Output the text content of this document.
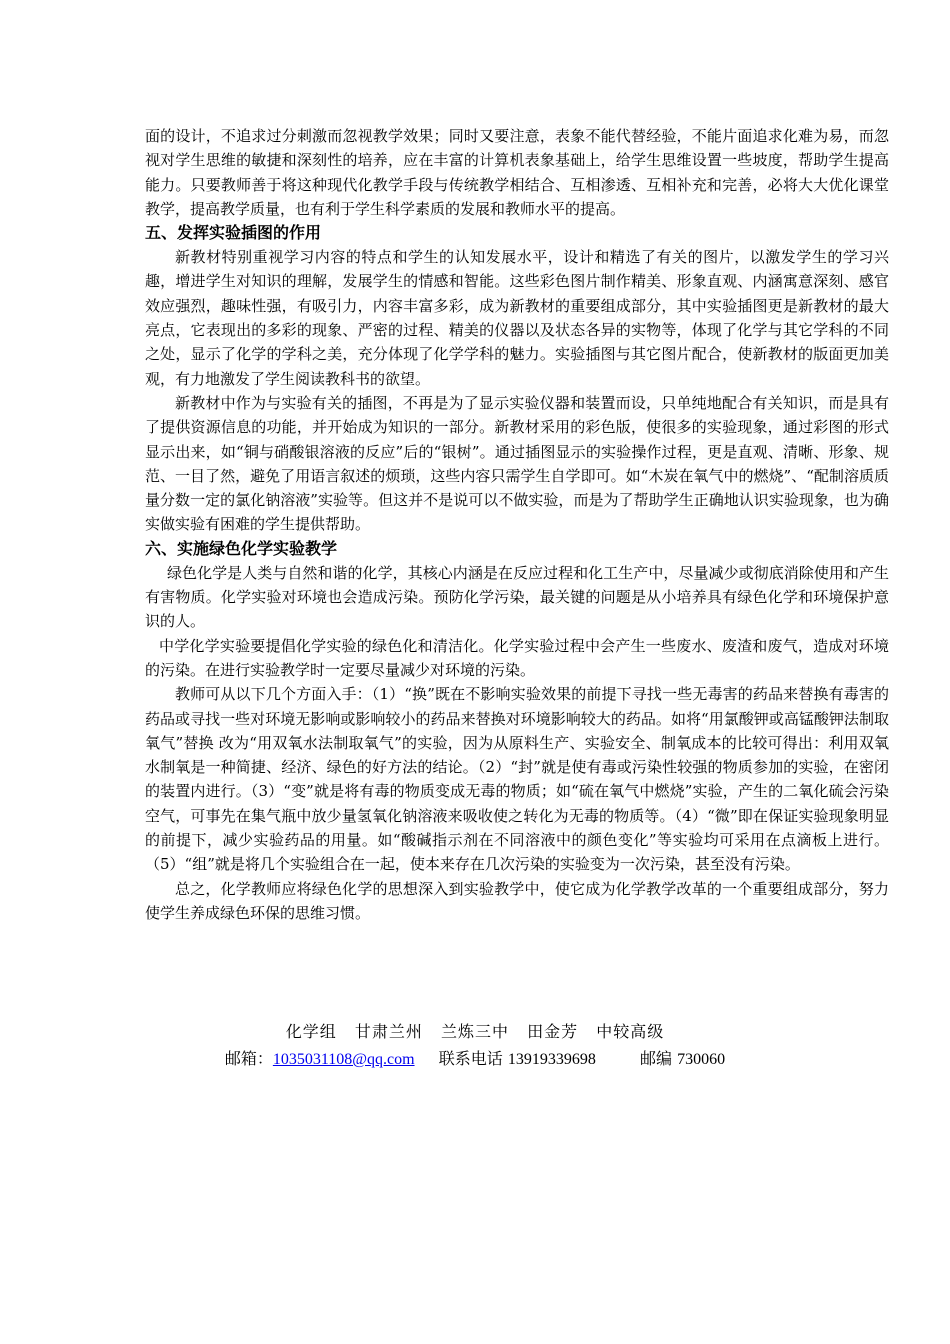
面的设计，不追求过分刺激而忽视教学效果；同时又要注意，表象不能代替经验，不能片面追求化难为易，而忽视对学生思维的敏捷和深刻性的培养，应在丰富的计算机表象基础上，给学生思维设置一些坡度，帮助学生提高能力。只要教师善于将这种现代化教学手段与传统教学相结合、互相渗透、互相补充和完善，必将大大优化课堂教学，提高教学质量，也有利于学生科学素质的发展和教师水平的提高。

五、发挥实验插图的作用

新教材特别重视学习内容的特点和学生的认知发展水平，设计和精选了有关的图片，以激发学生的学习兴趣，增进学生对知识的理解，发展学生的情感和智能。这些彩色图片制作精美、形象直观、内涵寓意深刻、感官效应强烈，趣味性强，有吸引力，内容丰富多彩，成为新教材的重要组成部分，其中实验插图更是新教材的最大亮点，它表现出的多彩的现象、严密的过程、精美的仪器以及状态各异的实物等，体现了化学与其它学科的不同之处，显示了化学的学科之美，充分体现了化学学科的魅力。实验插图与其它图片配合，使新教材的版面更加美观，有力地激发了学生阅读教科书的欲望。

新教材中作为与实验有关的插图，不再是为了显示实验仪器和装置而设，只单纯地配合有关知识，而是具有了提供资源信息的功能，并开始成为知识的一部分。新教材采用的彩色版，使很多的实验现象，通过彩图的形式显示出来，如“铜与硝酸银溶液的反应”后的“银树”。通过插图显示的实验操作过程，更是直观、清晰、形象、规范、一目了然，避免了用语言叙述的烦琐，这些内容只需学生自学即可。如“木炭在氧气中的燃烧”、“配制溶质质量分数一定的氯化钠溶液”实验等。但这并不是说可以不做实验，而是为了帮助学生正确地认识实验现象，也为确实做实验有困难的学生提供帮助。

六、实施绿色化学实验教学

绿色化学是人类与自然和谐的化学，其核心内涵是在反应过程和化工生产中，尽量减少或彻底消除使用和产生有害物质。化学实验对环境也会造成污染。预防化学污染，最关键的问题是从小培养具有绿色化学和环境保护意识的人。

中学化学实验要提倡化学实验的绿色化和清洁化。化学实验过程中会产生一些废水、废渣和废气，造成对环境的污染。在进行实验教学时一定要尽量减少对环境的污染。

教师可从以下几个方面入手：（1）“换”既在不影响实验效果的前提下寻找一些无毒害的药品来替换有毒害的药品或寻找一些对环境无影响或影响较小的药品来替换对环境影响较大的药品。如将“用氯酸钾或高锰酸钾法制取氧气”替换 改为“用双氧水法制取氧气”的实验，因为从原料生产、实验安全、制氧成本的比较可得出：利用双氧水制氧是一种简捷、经济、绿色的好方法的结论。（2）“封”就是使有毒或污染性较强的物质参加的实验，在密闭的装置内进行。（3）“变”就是将有毒的物质变成无毒的物质；如“硫在氧气中燃烧”实验，产生的二氧化硫会污染空气，可事先在集气瓶中放少量氢氧化钠溶液来吸收使之转化为无毒的物质等。（4）“微”即在保证实验现象明显的前提下，减少实验药品的用量。如“酸碱指示剂在不同溶液中的颜色变化”等实验均可采用在点滴板上进行。（5）“组”就是将几个实验组合在一起，使本来存在几次污染的实验变为一次污染，甚至没有污染。

总之，化学教师应将绿色化学的思想深入到实验教学中，使它成为化学教学改革的一个重要组成部分，努力使学生养成绿色环保的思维习惯。

化学组 甘肃兰州 兰炼三中 田金芳 中较高级
邮箱：1035031108@qq.com 联系电话 13919339698	邮编 730060
